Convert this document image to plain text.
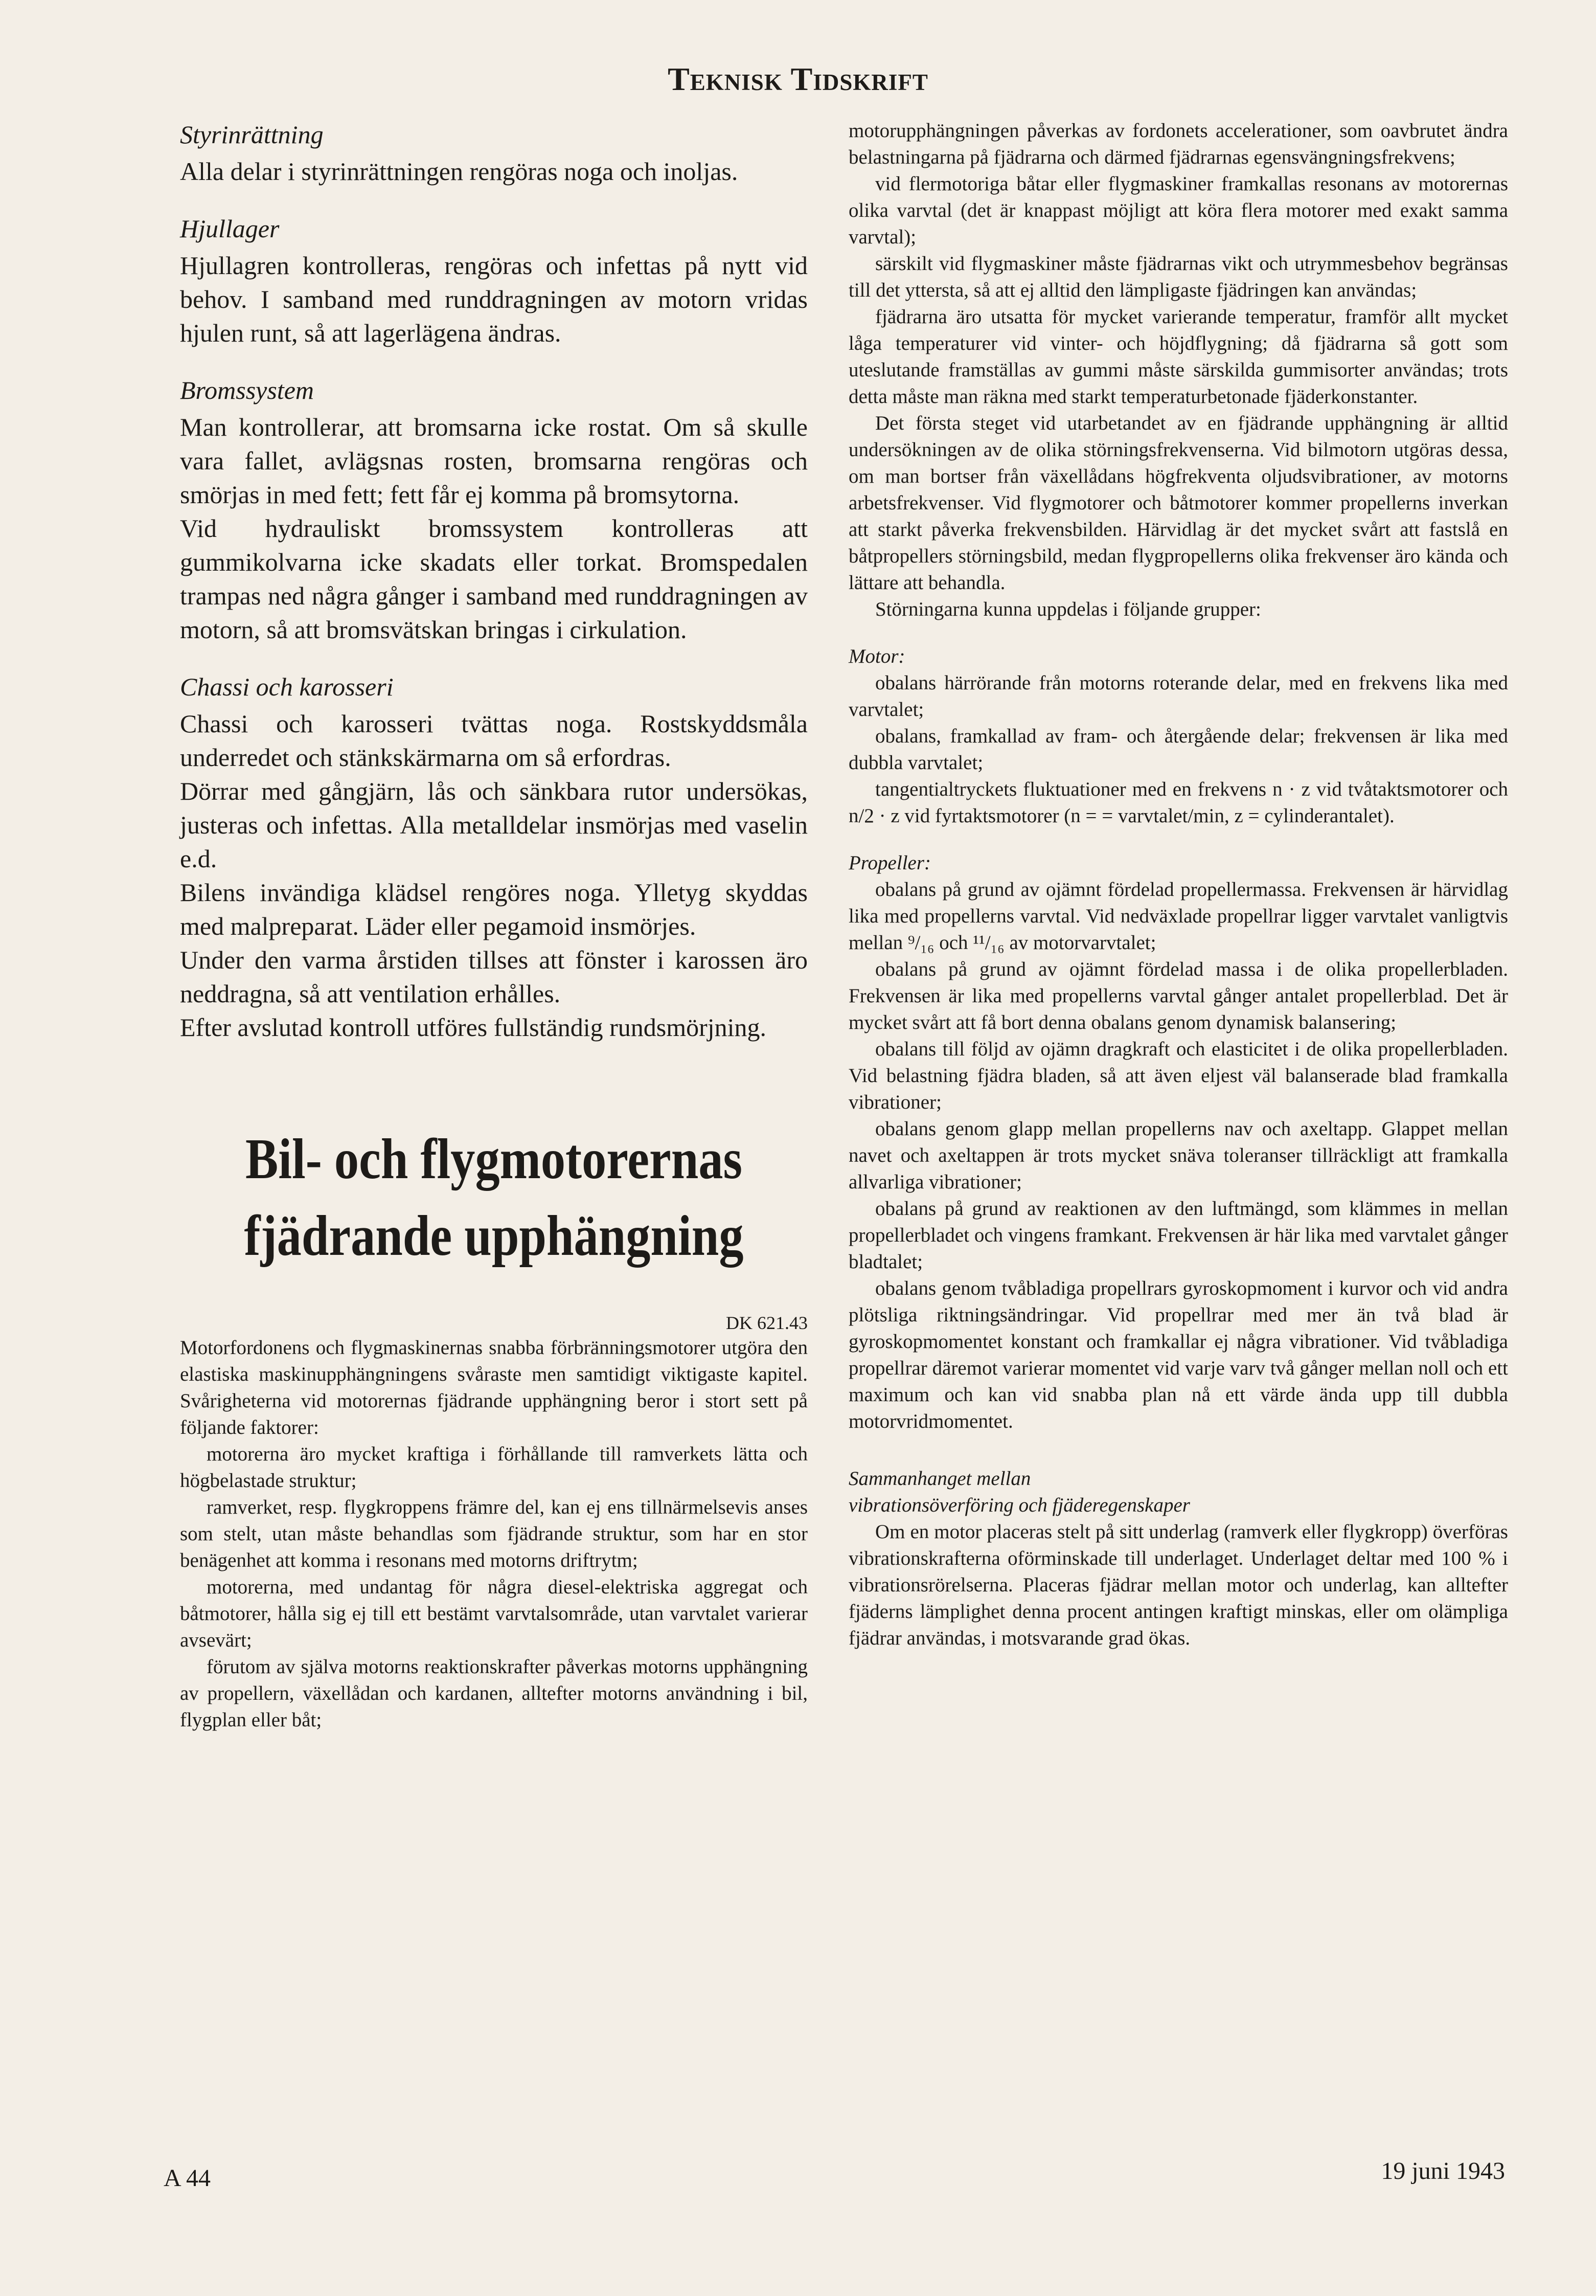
Teknisk Tidskrift
Styrinrättning

Alla delar i styrinrättningen rengöras noga och inoljas.

Hjullager

Hjullagren kontrolleras, rengöras och infettas på nytt vid behov. I samband med runddragningen av motorn vridas hjulen runt, så att lagerlägena ändras.

Bromssystem

Man kontrollerar, att bromsarna icke rostat. Om så skulle vara fallet, avlägsnas rosten, bromsarna rengöras och smörjas in med fett; fett får ej komma på bromsytorna.

Vid hydrauliskt bromssystem kontrolleras att gummikolvarna icke skadats eller torkat. Bromspedalen trampas ned några gånger i samband med runddragningen av motorn, så att bromsvätskan bringas i cirkulation.

Chassi och karosseri

Chassi och karosseri tvättas noga. Rostskyddsmåla underredet och stänkskärmarna om så erfordras.

Dörrar med gångjärn, lås och sänkbara rutor undersökas, justeras och infettas. Alla metalldelar insmörjas med vaselin e.d.

Bilens invändiga klädsel rengöres noga. Ylletyg skyddas med malpreparat. Läder eller pegamoid insmörjes.

Under den varma årstiden tillses att fönster i karossen äro neddragna, så att ventilation erhålles.

Efter avslutad kontroll utföres fullständig rundsmörjning.

Bil- och flygmotorernas
fjädrande upphängning
DK 621.43

Motorfordonens och flygmaskinernas snabba förbränningsmotorer utgöra den elastiska maskinupphängningens svåraste men samtidigt viktigaste kapitel. Svårigheterna vid motorernas fjädrande upphängning beror i stort sett på följande faktorer:

motorerna äro mycket kraftiga i förhållande till ramverkets lätta och högbelastade struktur;

ramverket, resp. flygkroppens främre del, kan ej ens tillnärmelsevis anses som stelt, utan måste behandlas som fjädrande struktur, som har en stor benägenhet att komma i resonans med motorns driftrytm;

motorerna, med undantag för några diesel-elektriska aggregat och båtmotorer, hålla sig ej till ett bestämt varvtalsområde, utan varvtalet varierar avsevärt;

förutom av själva motorns reaktionskrafter påverkas motorns upphängning av propellern, växellådan och kardanen, alltefter motorns användning i bil, flygplan eller båt;

motorupphängningen påverkas av fordonets accelerationer, som oavbrutet ändra belastningarna på fjädrarna och därmed fjädrarnas egensvängningsfrekvens;

vid flermotoriga båtar eller flygmaskiner framkallas resonans av motorernas olika varvtal (det är knappast möjligt att köra flera motorer med exakt samma varvtal);

särskilt vid flygmaskiner måste fjädrarnas vikt och utrymmesbehov begränsas till det yttersta, så att ej alltid den lämpligaste fjädringen kan användas;

fjädrarna äro utsatta för mycket varierande temperatur, framför allt mycket låga temperaturer vid vinter- och höjdflygning; då fjädrarna så gott som uteslutande framställas av gummi måste särskilda gummisorter användas; trots detta måste man räkna med starkt temperaturbetonade fjäderkonstanter.

Det första steget vid utarbetandet av en fjädrande upphängning är alltid undersökningen av de olika störningsfrekvenserna. Vid bilmotorn utgöras dessa, om man bortser från växellådans högfrekventa oljudsvibrationer, av motorns arbetsfrekvenser. Vid flygmotorer och båtmotorer kommer propellerns inverkan att starkt påverka frekvensbilden. Härvidlag är det mycket svårt att fastslå en båtpropellers störningsbild, medan flygpropellerns olika frekvenser äro kända och lättare att behandla.

Störningarna kunna uppdelas i följande grupper:

Motor:

obalans härrörande från motorns roterande delar, med en frekvens lika med varvtalet;

obalans, framkallad av fram- och återgående delar; frekvensen är lika med dubbla varvtalet;

tangentialtryckets fluktuationer med en frekvens n · z vid tvåtaktsmotorer och n/2 · z vid fyrtaktsmotorer (n = = varvtalet/min, z = cylinderantalet).

Propeller:

obalans på grund av ojämnt fördelad propellermassa. Frekvensen är härvidlag lika med propellerns varvtal. Vid nedväxlade propellrar ligger varvtalet vanligtvis mellan ⁹/₁₆ och ¹¹/₁₆ av motorvarvtalet;

obalans på grund av ojämnt fördelad massa i de olika propellerbladen. Frekvensen är lika med propellerns varvtal gånger antalet propellerblad. Det är mycket svårt att få bort denna obalans genom dynamisk balansering;

obalans till följd av ojämn dragkraft och elasticitet i de olika propellerbladen. Vid belastning fjädra bladen, så att även eljest väl balanserade blad framkalla vibrationer;

obalans genom glapp mellan propellerns nav och axeltapp. Glappet mellan navet och axeltappen är trots mycket snäva toleranser tillräckligt att framkalla allvarliga vibrationer;

obalans på grund av reaktionen av den luftmängd, som klämmes in mellan propellerbladet och vingens framkant. Frekvensen är här lika med varvtalet gånger bladtalet;

obalans genom tvåbladiga propellrars gyroskopmoment i kurvor och vid andra plötsliga riktningsändringar. Vid propellrar med mer än två blad är gyroskopmomentet konstant och framkallar ej några vibrationer. Vid tvåbladiga propellrar däremot varierar momentet vid varje varv två gånger mellan noll och ett maximum och kan vid snabba plan nå ett värde ända upp till dubbla motorvridmomentet.

Sammanhanget mellan
vibrationsöverföring och fjäderegenskaper

Om en motor placeras stelt på sitt underlag (ramverk eller flygkropp) överföras vibrationskrafterna oförminskade till underlaget. Underlaget deltar med 100 % i vibrationsrörelserna. Placeras fjädrar mellan motor och underlag, kan alltefter fjäderns lämplighet denna procent antingen kraftigt minskas, eller om olämpliga fjädrar användas, i motsvarande grad ökas.

A 44	19 juni 1943
